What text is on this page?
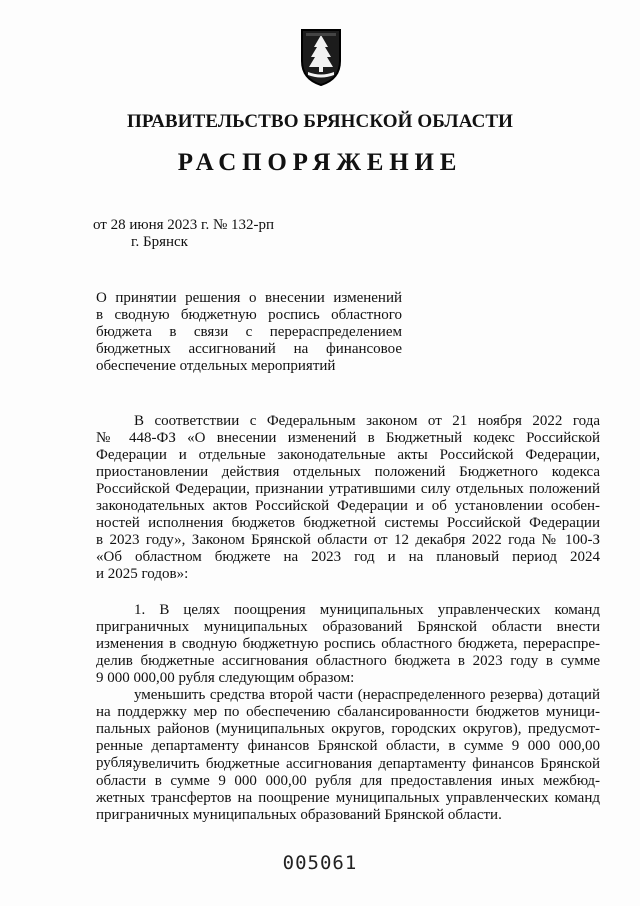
ПРАВИТЕЛЬСТВО БРЯНСКОЙ ОБЛАСТИ
РАСПОРЯЖЕНИЕ
от 28 июня 2023 г. № 132-рп
г. Брянск
О принятии решения о внесении изменений
в сводную бюджетную роспись областного
бюджета в связи с перераспределением
бюджетных ассигнований на финансовое
обеспечение отдельных мероприятий
В соответствии с Федеральным законом от 21 ноября 2022 года
№ 448-ФЗ «О внесении изменений в Бюджетный кодекс Российской
Федерации и отдельные законодательные акты Российской Федерации,
приостановлении действия отдельных положений Бюджетного кодекса
Российской Федерации, признании утратившими силу отдельных положений
законодательных актов Российской Федерации и об установлении особен-
ностей исполнения бюджетов бюджетной системы Российской Федерации
в 2023 году», Законом Брянской области от 12 декабря 2022 года № 100-З
«Об областном бюджете на 2023 год и на плановый период 2024
и 2025 годов»:
1. В целях поощрения муниципальных управленческих команд
приграничных муниципальных образований Брянской области внести
изменения в сводную бюджетную роспись областного бюджета, перераспре-
делив бюджетные ассигнования областного бюджета в 2023 году в сумме
9 000 000,00 рубля следующим образом:
уменьшить средства второй части (нераспределенного резерва) дотаций
на поддержку мер по обеспечению сбалансированности бюджетов муници-
пальных районов (муниципальных округов, городских округов), предусмот-
ренные департаменту финансов Брянской области, в сумме 9 000 000,00 рубля;
увеличить бюджетные ассигнования департаменту финансов Брянской
области в сумме 9 000 000,00 рубля для предоставления иных межбюд-
жетных трансфертов на поощрение муниципальных управленческих команд
приграничных муниципальных образований Брянской области.
005061
